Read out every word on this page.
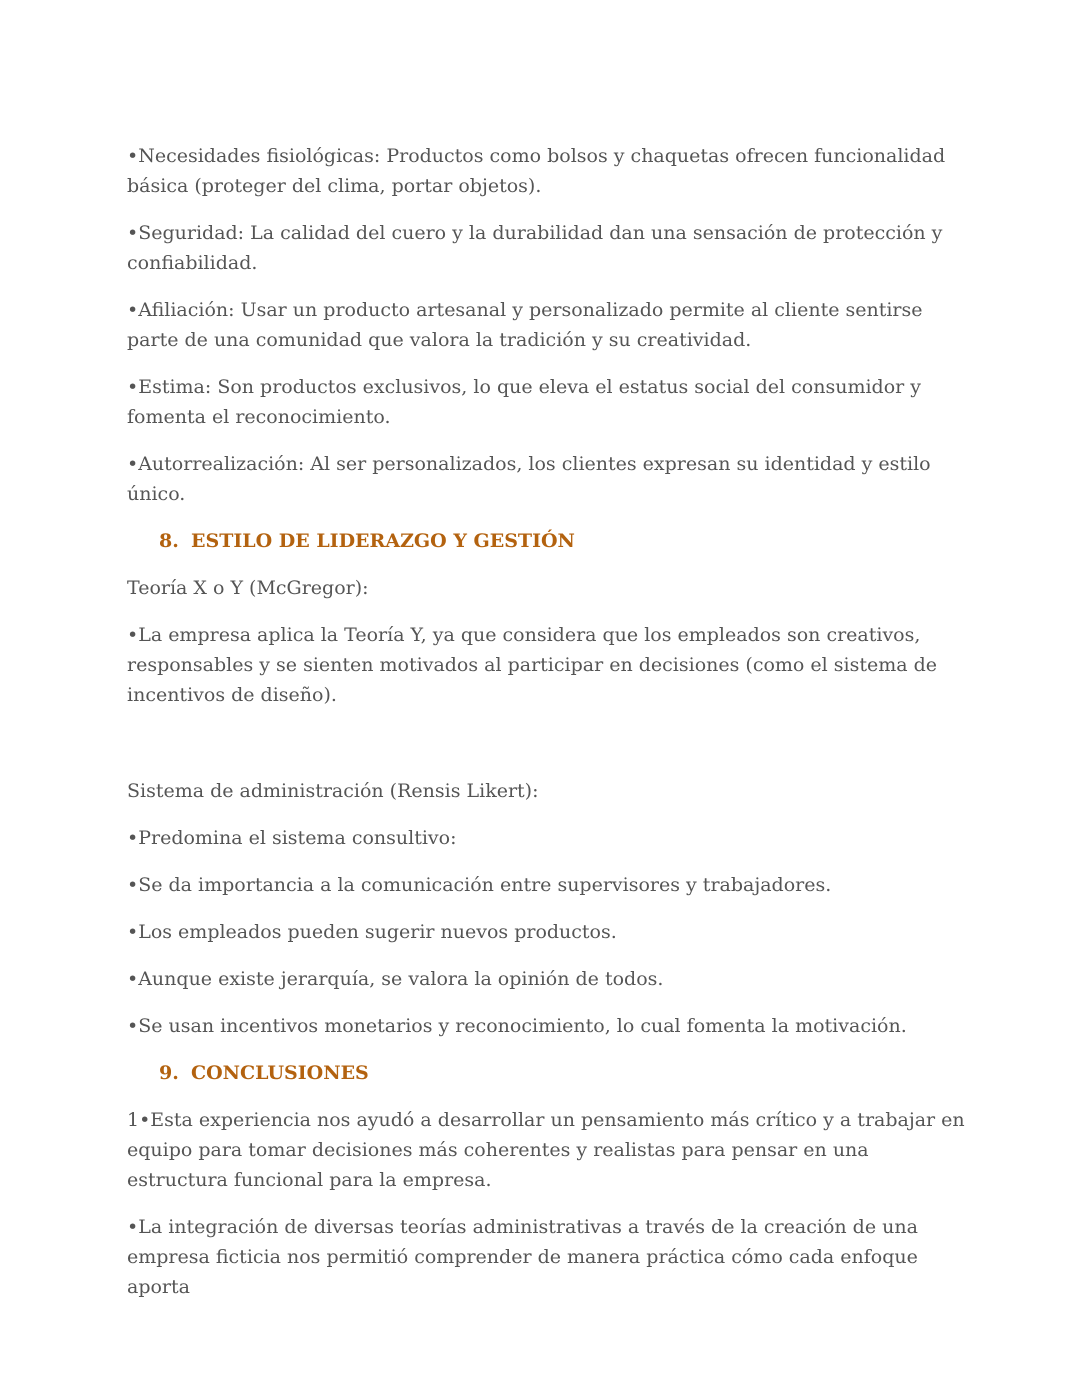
•Necesidades fisiológicas: Productos como bolsos y chaquetas ofrecen funcionalidad básica (proteger del clima, portar objetos).

•Seguridad: La calidad del cuero y la durabilidad dan una sensación de protección y confiabilidad.

•Afiliación: Usar un producto artesanal y personalizado permite al cliente sentirse parte de una comunidad que valora la tradición y su creatividad.

•Estima: Son productos exclusivos, lo que eleva el estatus social del consumidor y fomenta el reconocimiento.

•Autorrealización: Al ser personalizados, los clientes expresan su identidad y estilo único.

8. ESTILO DE LIDERAZGO Y GESTIÓN

Teoría X o Y (McGregor):

•La empresa aplica la Teoría Y, ya que considera que los empleados son creativos, responsables y se sienten motivados al participar en decisiones (como el sistema de incentivos de diseño).

Sistema de administración (Rensis Likert):

•Predomina el sistema consultivo:

•Se da importancia a la comunicación entre supervisores y trabajadores.

•Los empleados pueden sugerir nuevos productos.

•Aunque existe jerarquía, se valora la opinión de todos.

•Se usan incentivos monetarios y reconocimiento, lo cual fomenta la motivación.

9. CONCLUSIONES

1•Esta experiencia nos ayudó a desarrollar un pensamiento más crítico y a trabajar en equipo para tomar decisiones más coherentes y realistas para pensar en una estructura funcional para la empresa.

•La integración de diversas teorías administrativas a través de la creación de una empresa ficticia nos permitió comprender de manera práctica cómo cada enfoque aporta
